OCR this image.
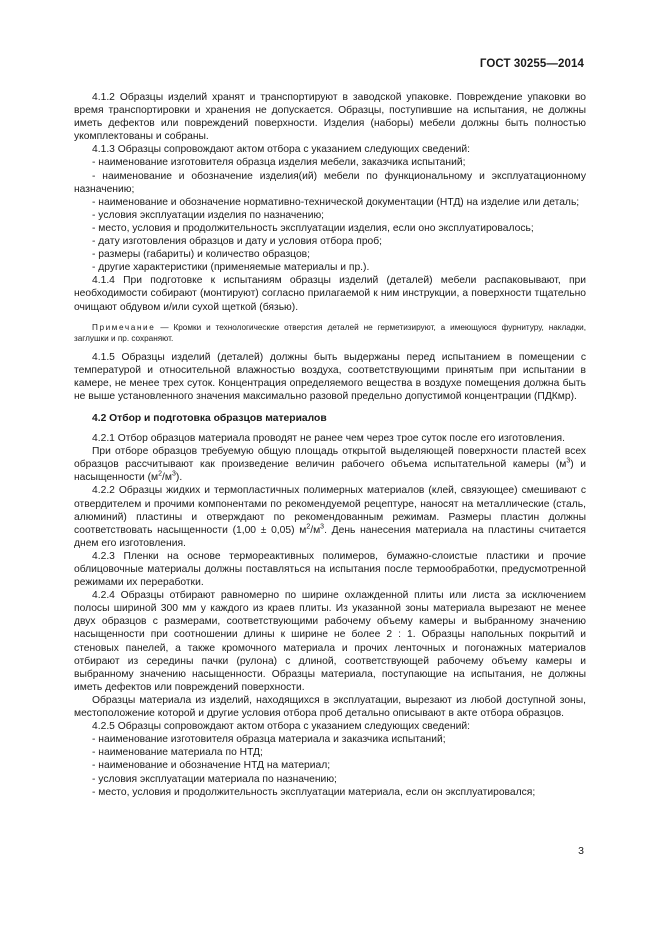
ГОСТ 30255—2014

4.1.2 Образцы изделий хранят и транспортируют в заводской упаковке. Повреждение упаковки во время транспортировки и хранения не допускается. Образцы, поступившие на испытания, не должны иметь дефектов или повреждений поверхности. Изделия (наборы) мебели должны быть полностью укомплектованы и собраны.

4.1.3 Образцы сопровождают актом отбора с указанием следующих сведений:

- наименование изготовителя образца изделия мебели, заказчика испытаний;

- наименование и обозначение изделия(ий) мебели по функциональному и эксплуатационному назначению;

- наименование и обозначение нормативно-технической документации (НТД) на изделие или деталь;

- условия эксплуатации изделия по назначению;

- место, условия и продолжительность эксплуатации изделия, если оно эксплуатировалось;

- дату изготовления образцов и дату и условия отбора проб;

- размеры (габариты) и количество образцов;

- другие характеристики (применяемые материалы и пр.).

4.1.4 При подготовке к испытаниям образцы изделий (деталей) мебели распаковывают, при необходимости собирают (монтируют) согласно прилагаемой к ним инструкции, а поверхности тщательно очищают обдувом и/или сухой щеткой (бязью).

Примечание — Кромки и технологические отверстия деталей не герметизируют, а имеющуюся фурнитуру, накладки, заглушки и пр. сохраняют.

4.1.5 Образцы изделий (деталей) должны быть выдержаны перед испытанием в помещении с температурой и относительной влажностью воздуха, соответствующими принятым при испытании в камере, не менее трех суток. Концентрация определяемого вещества в воздухе помещения должна быть не выше установленного значения максимально разовой предельно допустимой концентрации (ПДКмр).

4.2 Отбор и подготовка образцов материалов

4.2.1 Отбор образцов материала проводят не ранее чем через трое суток после его изготовления.

При отборе образцов требуемую общую площадь открытой выделяющей поверхности пластей всех образцов рассчитывают как произведение величин рабочего объема испытательной камеры $(м^3)$ и насыщенности $(м^2/м^3)$.

4.2.2 Образцы жидких и термопластичных полимерных материалов (клей, связующее) смешивают с отвердителем и прочими компонентами по рекомендуемой рецептуре, наносят на металлические (сталь, алюминий) пластины и отверждают по рекомендованным режимам. Размеры пластин должны соответствовать насыщенности (1,00 ± 0,05) $м^2/м^3$. День нанесения материала на пластины считается днем его изготовления.

4.2.3 Пленки на основе термореактивных полимеров, бумажно-слоистые пластики и прочие облицовочные материалы должны поставляться на испытания после термообработки, предусмотренной режимами их переработки.

4.2.4 Образцы отбирают равномерно по ширине охлажденной плиты или листа за исключением полосы шириной 300 мм у каждого из краев плиты. Из указанной зоны материала вырезают не менее двух образцов с размерами, соответствующими рабочему объему камеры и выбранному значению насыщенности при соотношении длины к ширине не более 2 : 1. Образцы напольных покрытий и стеновых панелей, а также кромочного материала и прочих ленточных и погонажных материалов отбирают из середины пачки (рулона) с длиной, соответствующей рабочему объему камеры и выбранному значению насыщенности. Образцы материала, поступающие на испытания, не должны иметь дефектов или повреждений поверхности.

Образцы материала из изделий, находящихся в эксплуатации, вырезают из любой доступной зоны, местоположение которой и другие условия отбора проб детально описывают в акте отбора образцов.

4.2.5 Образцы сопровождают актом отбора с указанием следующих сведений:

- наименование изготовителя образца материала и заказчика испытаний;

- наименование материала по НТД;

- наименование и обозначение НТД на материал;

- условия эксплуатации материала по назначению;

- место, условия и продолжительность эксплуатации материала, если он эксплуатировался;

3
